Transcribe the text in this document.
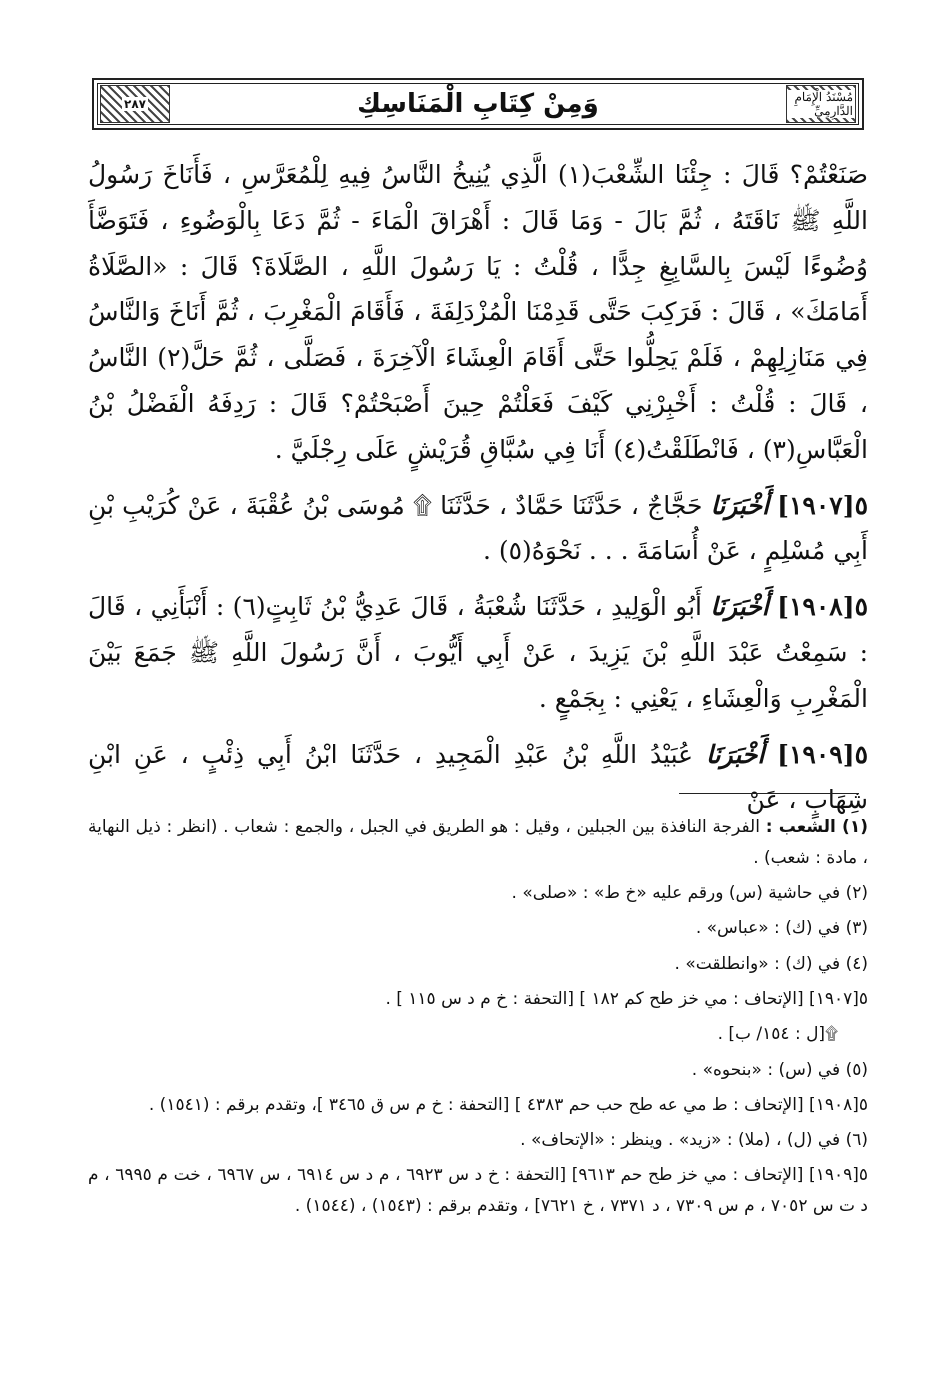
٢٨٧	وَمِنْ كِتَابِ الْمَنَاسِكِ	مُسْنَدُ الْإِمَامِ الدَّارِمِيِّ

صَنَعْتُمْ؟ قَالَ : جِئْنَا الشِّعْبَ(١) الَّذِي يُنِيخُ النَّاسُ فِيهِ لِلْمُعَرَّسِ ، فَأَنَاخَ رَسُولُ اللَّهِ ﷺ نَاقَتَهُ ، ثُمَّ بَالَ - وَمَا قَالَ : أَهْرَاقَ الْمَاءَ - ثُمَّ دَعَا بِالْوَضُوءِ ، فَتَوَضَّأَ وُضُوءًا لَيْسَ بِالسَّابِغِ جِدًّا ، قُلْتُ : يَا رَسُولَ اللَّهِ ، الصَّلَاةَ؟ قَالَ : «الصَّلَاةُ أَمَامَكَ» ، قَالَ : فَرَكِبَ حَتَّى قَدِمْنَا الْمُزْدَلِفَةَ ، فَأَقَامَ الْمَغْرِبَ ، ثُمَّ أَنَاخَ وَالنَّاسُ فِي مَنَازِلِهِمْ ، فَلَمْ يَحِلُّوا حَتَّى أَقَامَ الْعِشَاءَ الْآخِرَةَ ، فَصَلَّى ، ثُمَّ حَلَّ(٢) النَّاسُ ، قَالَ : قُلْتُ : أَخْبِرْنِي كَيْفَ فَعَلْتُمْ حِينَ أَصْبَحْتُمْ؟ قَالَ : رَدِفَهُ الْفَضْلُ بْنُ الْعَبَّاسِ(٣) ، فَانْطَلَقْتُ(٤) أَنَا فِي سُبَّاقِ قُرَيْشٍ عَلَى رِجْلَيَّ .

٥[١٩٠٧] أَخْبَرَنَا حَجَّاجٌ ، حَدَّثَنَا حَمَّادٌ ، حَدَّثَنَا ۩ مُوسَى بْنُ عُقْبَةَ ، عَنْ كُرَيْبِ بْنِ أَبِي مُسْلِمٍ ، عَنْ أُسَامَةَ . . . نَحْوَهُ(٥) .

٥[١٩٠٨] أَخْبَرَنَا أَبُو الْوَلِيدِ ، حَدَّثَنَا شُعْبَةُ ، قَالَ عَدِيُّ بْنُ ثَابِتٍ(٦) : أَنْبَأَنِي ، قَالَ : سَمِعْتُ عَبْدَ اللَّهِ بْنَ يَزِيدَ ، عَنْ أَبِي أَيُّوبَ ، أَنَّ رَسُولَ اللَّهِ ﷺ جَمَعَ بَيْنَ الْمَغْرِبِ وَالْعِشَاءِ ، يَعْنِي : بِجَمْعٍ .

٥[١٩٠٩] أَخْبَرَنَا عُبَيْدُ اللَّهِ بْنُ عَبْدِ الْمَجِيدِ ، حَدَّثَنَا ابْنُ أَبِي ذِئْبٍ ، عَنِ ابْنِ شِهَابٍ ، عَنْ

(١) الشعب : الفرجة النافذة بين الجبلين ، وقيل : هو الطريق في الجبل ، والجمع : شعاب . (انظر : ذيل النهاية ، مادة : شعب) .

(٢) في حاشية (س) ورقم عليه «خ ط» : «صلى» .

(٣) في (ك) : «عباس» .

(٤) في (ك) : «وانطلقت» .

٥[١٩٠٧] [الإتحاف : مي خز طح كم ١٨٢ ] [التحفة : خ م د س ١١٥ ] .

۩[ل : ١٥٤/ ب] .

(٥) في (س) : «بنحوه» .

٥[١٩٠٨] [الإتحاف : ط مي عه طح حب حم ٤٣٨٣ ] [التحفة : خ م س ق ٣٤٦٥ ]، وتقدم برقم : (١٥٤١) .

(٦) في (ل) ، (ملا) : «زيد» . وينظر : «الإتحاف» .

٥[١٩٠٩] [الإتحاف : مي خز طح حم ٩٦١٣] [التحفة : خ د س ٦٩٢٣ ، م د س ٦٩١٤ ، س ٦٩٦٧ ، خت م ٦٩٩٥ ، م د ت س ٧٠٥٢ ، م س ٧٣٠٩ ، د ٧٣٧١ ، خ ٧٦٢١] ، وتقدم برقم : (١٥٤٣) ، (١٥٤٤) .
